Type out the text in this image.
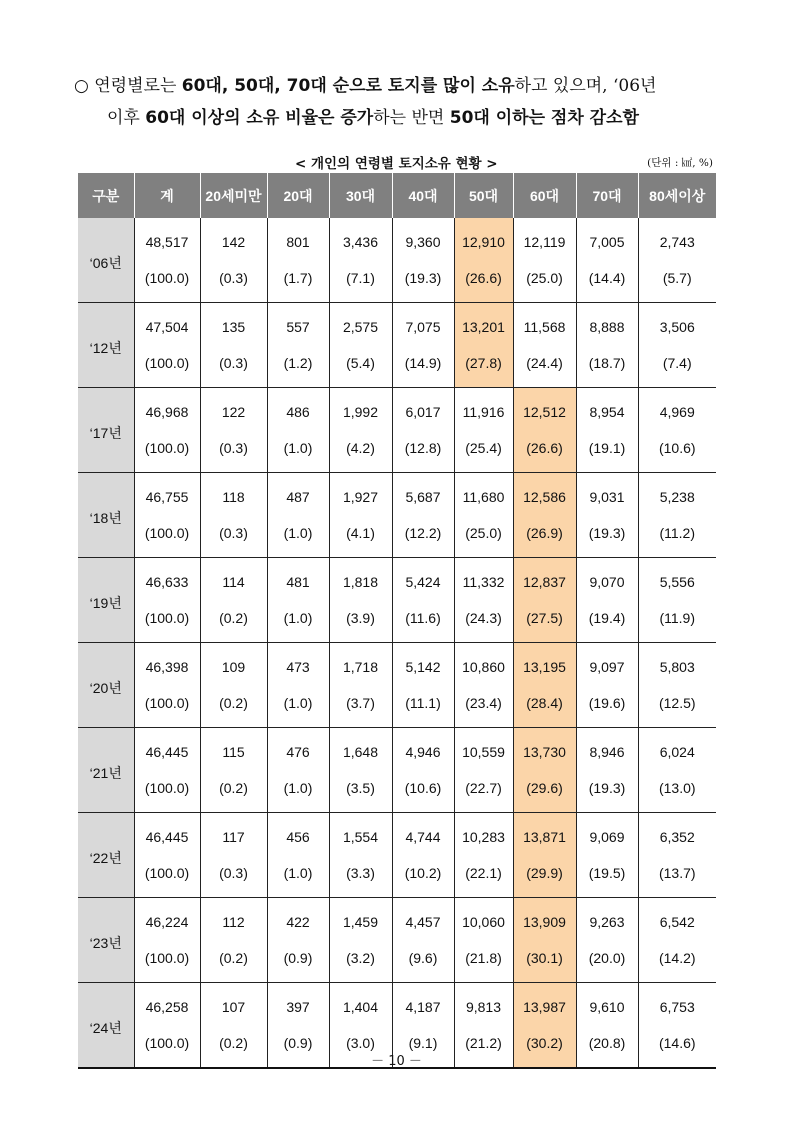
○ 연령별로는 60대, 50대, 70대 순으로 토지를 많이 소유하고 있으며, ‘06년
이후 60대 이상의 소유 비율은 증가하는 반면 50대 이하는 점차 감소함
< 개인의 연령별 토지소유 현황 >	(단위 : ㎢, %)
구분	계	20세미만	20대	30대	40대	50대	60대	70대	80세이상
‘06년	48,517	142	801	3,436	9,360	12,910	12,119	7,005	2,743
	(100.0)	(0.3)	(1.7)	(7.1)	(19.3)	(26.6)	(25.0)	(14.4)	(5.7)
‘12년	47,504	135	557	2,575	7,075	13,201	11,568	8,888	3,506
	(100.0)	(0.3)	(1.2)	(5.4)	(14.9)	(27.8)	(24.4)	(18.7)	(7.4)
‘17년	46,968	122	486	1,992	6,017	11,916	12,512	8,954	4,969
	(100.0)	(0.3)	(1.0)	(4.2)	(12.8)	(25.4)	(26.6)	(19.1)	(10.6)
‘18년	46,755	118	487	1,927	5,687	11,680	12,586	9,031	5,238
	(100.0)	(0.3)	(1.0)	(4.1)	(12.2)	(25.0)	(26.9)	(19.3)	(11.2)
‘19년	46,633	114	481	1,818	5,424	11,332	12,837	9,070	5,556
	(100.0)	(0.2)	(1.0)	(3.9)	(11.6)	(24.3)	(27.5)	(19.4)	(11.9)
‘20년	46,398	109	473	1,718	5,142	10,860	13,195	9,097	5,803
	(100.0)	(0.2)	(1.0)	(3.7)	(11.1)	(23.4)	(28.4)	(19.6)	(12.5)
‘21년	46,445	115	476	1,648	4,946	10,559	13,730	8,946	6,024
	(100.0)	(0.2)	(1.0)	(3.5)	(10.6)	(22.7)	(29.6)	(19.3)	(13.0)
‘22년	46,445	117	456	1,554	4,744	10,283	13,871	9,069	6,352
	(100.0)	(0.3)	(1.0)	(3.3)	(10.2)	(22.1)	(29.9)	(19.5)	(13.7)
‘23년	46,224	112	422	1,459	4,457	10,060	13,909	9,263	6,542
	(100.0)	(0.2)	(0.9)	(3.2)	(9.6)	(21.8)	(30.1)	(20.0)	(14.2)
‘24년	46,258	107	397	1,404	4,187	9,813	13,987	9,610	6,753
	(100.0)	(0.2)	(0.9)	(3.0)	(9.1)	(21.2)	(30.2)	(20.8)	(14.6)
－ 10 －
